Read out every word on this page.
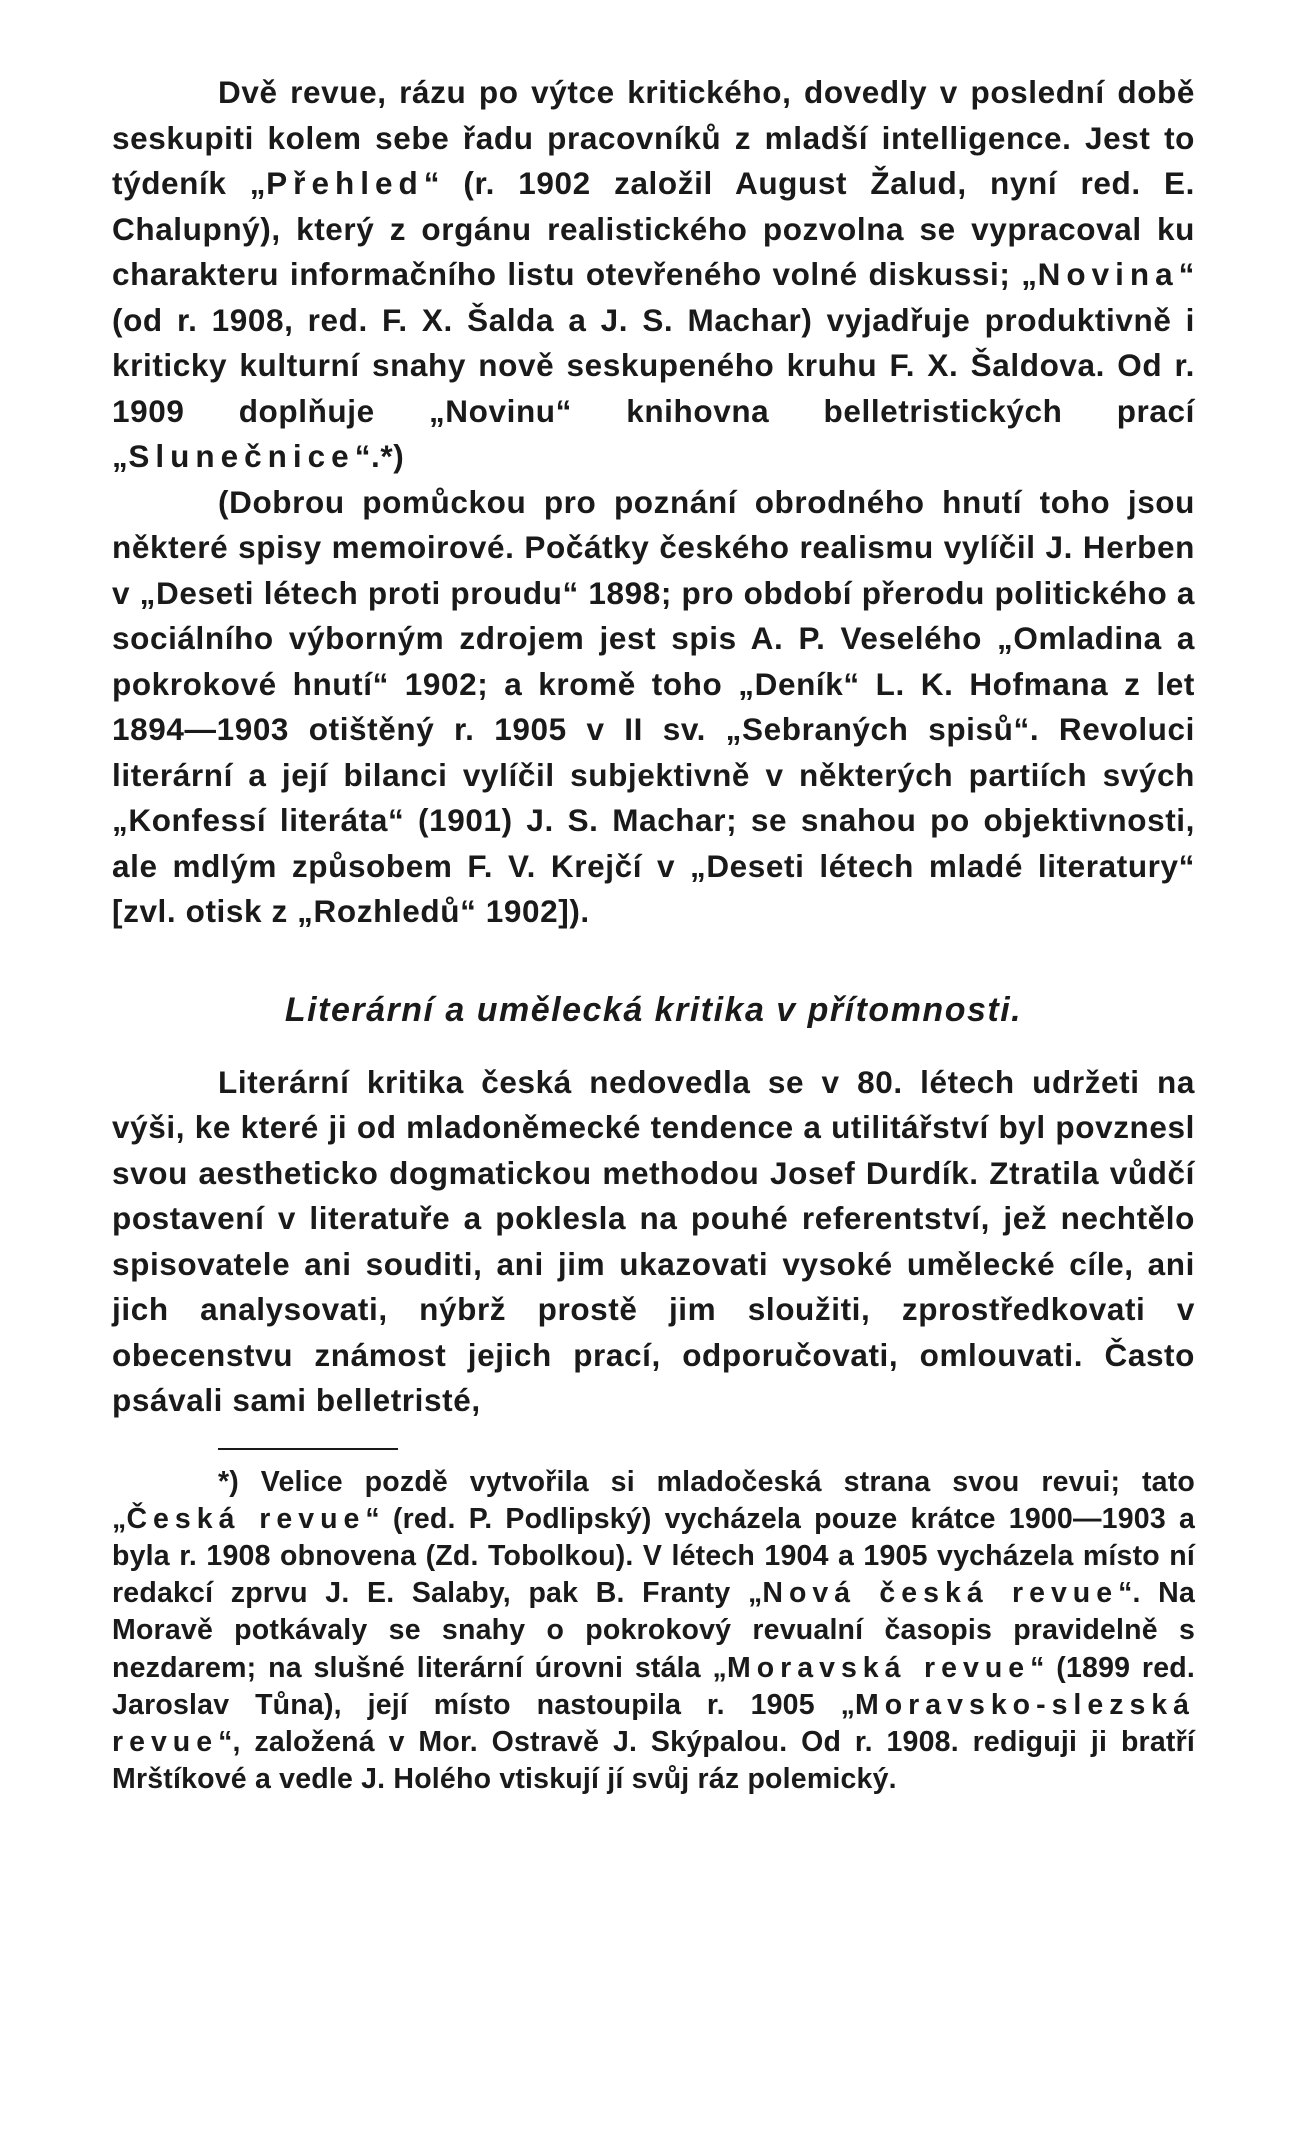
Dvě revue, rázu po výtce kritického, dovedly v poslední době seskupiti kolem sebe řadu pracovníků z mladší intelligence. Jest to týdeník „Přehled“ (r. 1902 založil August Žalud, nyní red. E. Chalupný), který z orgánu realistického pozvolna se vypracoval ku charakteru informačního listu otevřeného volné diskussi; „Novina“ (od r. 1908, red. F. X. Šalda a J. S. Machar) vyjadřuje produktivně i kriticky kulturní snahy nově seskupeného kruhu F. X. Šaldova. Od r. 1909 doplňuje „Novinu“ knihovna belletristických prací „Slunečnice“.*)

(Dobrou pomůckou pro poznání obrodného hnutí toho jsou některé spisy memoirové. Počátky českého realismu vylíčil J. Herben v „Deseti létech proti proudu“ 1898; pro období přerodu politického a sociálního výborným zdrojem jest spis A. P. Veselého „Omladina a pokrokové hnutí“ 1902; a kromě toho „Deník“ L. K. Hofmana z let 1894—1903 otištěný r. 1905 v II sv. „Sebraných spisů“. Revoluci literární a její bilanci vylíčil subjektivně v některých partiích svých „Konfessí literáta“ (1901) J. S. Machar; se snahou po objektivnosti, ale mdlým způsobem F. V. Krejčí v „Deseti létech mladé literatury“ [zvl. otisk z „Rozhledů“ 1902]).

Literární a umělecká kritika v přítomnosti.

Literární kritika česká nedovedla se v 80. létech udržeti na výši, ke které ji od mladoněmecké tendence a utilitářství byl povznesl svou aestheticko dogmatickou methodou Josef Durdík. Ztratila vůdčí postavení v literatuře a poklesla na pouhé referentství, jež nechtělo spisovatele ani souditi, ani jim ukazovati vysoké umělecké cíle, ani jich analysovati, nýbrž prostě jim sloužiti, zprostředkovati v obecenstvu známost jejich prací, odporučovati, omlouvati. Často psávali sami belletristé,

*) Velice pozdě vytvořila si mladočeská strana svou revui; tato „Česká revue“ (red. P. Podlipský) vycházela pouze krátce 1900—1903 a byla r. 1908 obnovena (Zd. Tobolkou). V létech 1904 a 1905 vycházela místo ní redakcí zprvu J. E. Salaby, pak B. Franty „Nová česká revue“. Na Moravě potkávaly se snahy o pokrokový revualní časopis pravidelně s nezdarem; na slušné literární úrovni stála „Moravská revue“ (1899 red. Jaroslav Tůna), její místo nastoupila r. 1905 „Moravsko-slezská revue“, založená v Mor. Ostravě J. Skýpalou. Od r. 1908. rediguji ji bratří Mrštíkové a vedle J. Holého vtiskují jí svůj ráz polemický.
